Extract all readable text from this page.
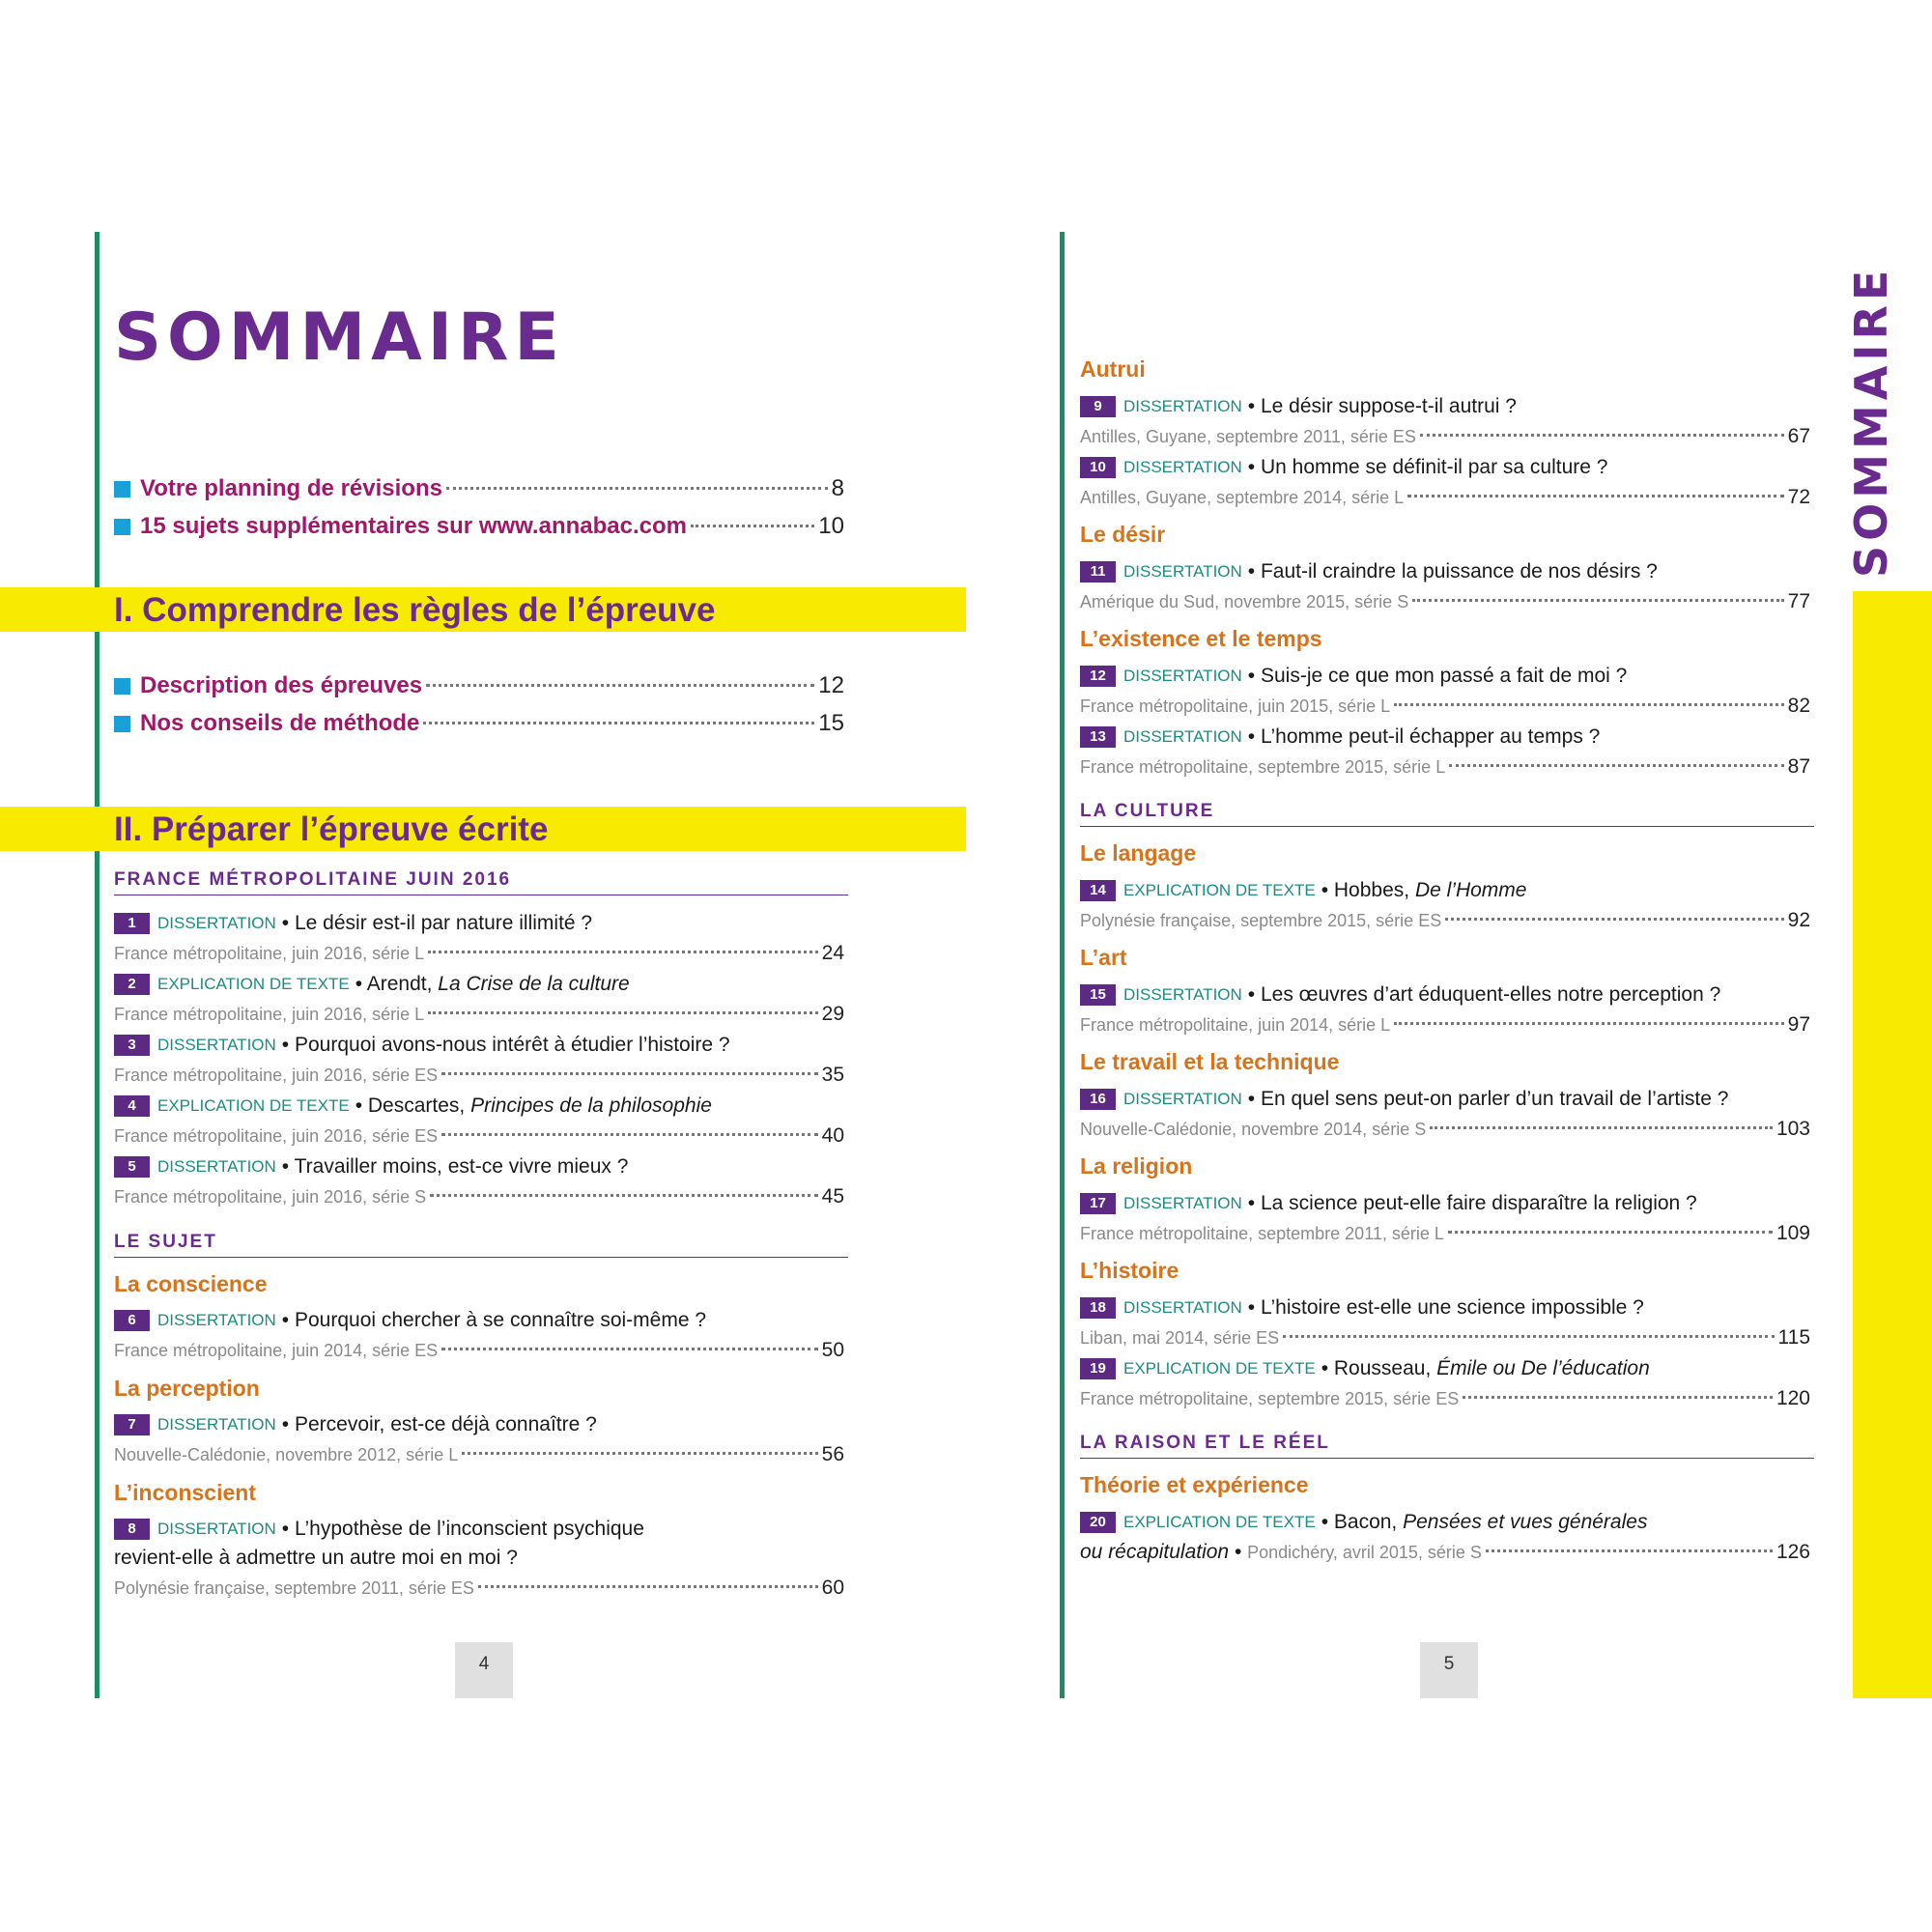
SOMMAIRE
Votre planning de révisions	8
15 sujets supplémentaires sur www.annabac.com	10
I. Comprendre les règles de l’épreuve
Description des épreuves	12
Nos conseils de méthode	15
II. Préparer l’épreuve écrite
FRANCE MÉTROPOLITAINE JUIN 2016
1	DISSERTATION • Le désir est-il par nature illimité ?
France métropolitaine, juin 2016, série L	24
2	EXPLICATION DE TEXTE • Arendt, La Crise de la culture
France métropolitaine, juin 2016, série L	29
3	DISSERTATION • Pourquoi avons-nous intérêt à étudier l’histoire ?
France métropolitaine, juin 2016, série ES	35
4	EXPLICATION DE TEXTE • Descartes, Principes de la philosophie
France métropolitaine, juin 2016, série ES	40
5	DISSERTATION • Travailler moins, est-ce vivre mieux ?
France métropolitaine, juin 2016, série S	45
LE SUJET
La conscience
6	DISSERTATION • Pourquoi chercher à se connaître soi-même ?
France métropolitaine, juin 2014, série ES	50
La perception
7	DISSERTATION • Percevoir, est-ce déjà connaître ?
Nouvelle-Calédonie, novembre 2012, série L	56
L’inconscient
8	DISSERTATION • L’hypothèse de l’inconscient psychique
revient-elle à admettre un autre moi en moi ?
Polynésie française, septembre 2011, série ES	60
4
Autrui
9	DISSERTATION • Le désir suppose-t-il autrui ?
Antilles, Guyane, septembre 2011, série ES	67
10	DISSERTATION • Un homme se définit-il par sa culture ?
Antilles, Guyane, septembre 2014, série L	72
Le désir
11	DISSERTATION • Faut-il craindre la puissance de nos désirs ?
Amérique du Sud, novembre 2015, série S	77
L’existence et le temps
12	DISSERTATION • Suis-je ce que mon passé a fait de moi ?
France métropolitaine, juin 2015, série L	82
13	DISSERTATION • L’homme peut-il échapper au temps ?
France métropolitaine, septembre 2015, série L	87
LA CULTURE
Le langage
14	EXPLICATION DE TEXTE • Hobbes, De l’Homme
Polynésie française, septembre 2015, série ES	92
L’art
15	DISSERTATION • Les œuvres d’art éduquent-elles notre perception ?
France métropolitaine, juin 2014, série L	97
Le travail et la technique
16	DISSERTATION • En quel sens peut-on parler d’un travail de l’artiste ?
Nouvelle-Calédonie, novembre 2014, série S	103
La religion
17	DISSERTATION • La science peut-elle faire disparaître la religion ?
France métropolitaine, septembre 2011, série L	109
L’histoire
18	DISSERTATION • L’histoire est-elle une science impossible ?
Liban, mai 2014, série ES	115
19	EXPLICATION DE TEXTE • Rousseau, Émile ou De l’éducation
France métropolitaine, septembre 2015, série ES	120
LA RAISON ET LE RÉEL
Théorie et expérience
20	EXPLICATION DE TEXTE • Bacon, Pensées et vues générales
ou récapitulation • Pondichéry, avril 2015, série S	126
5
SOMMAIRE
